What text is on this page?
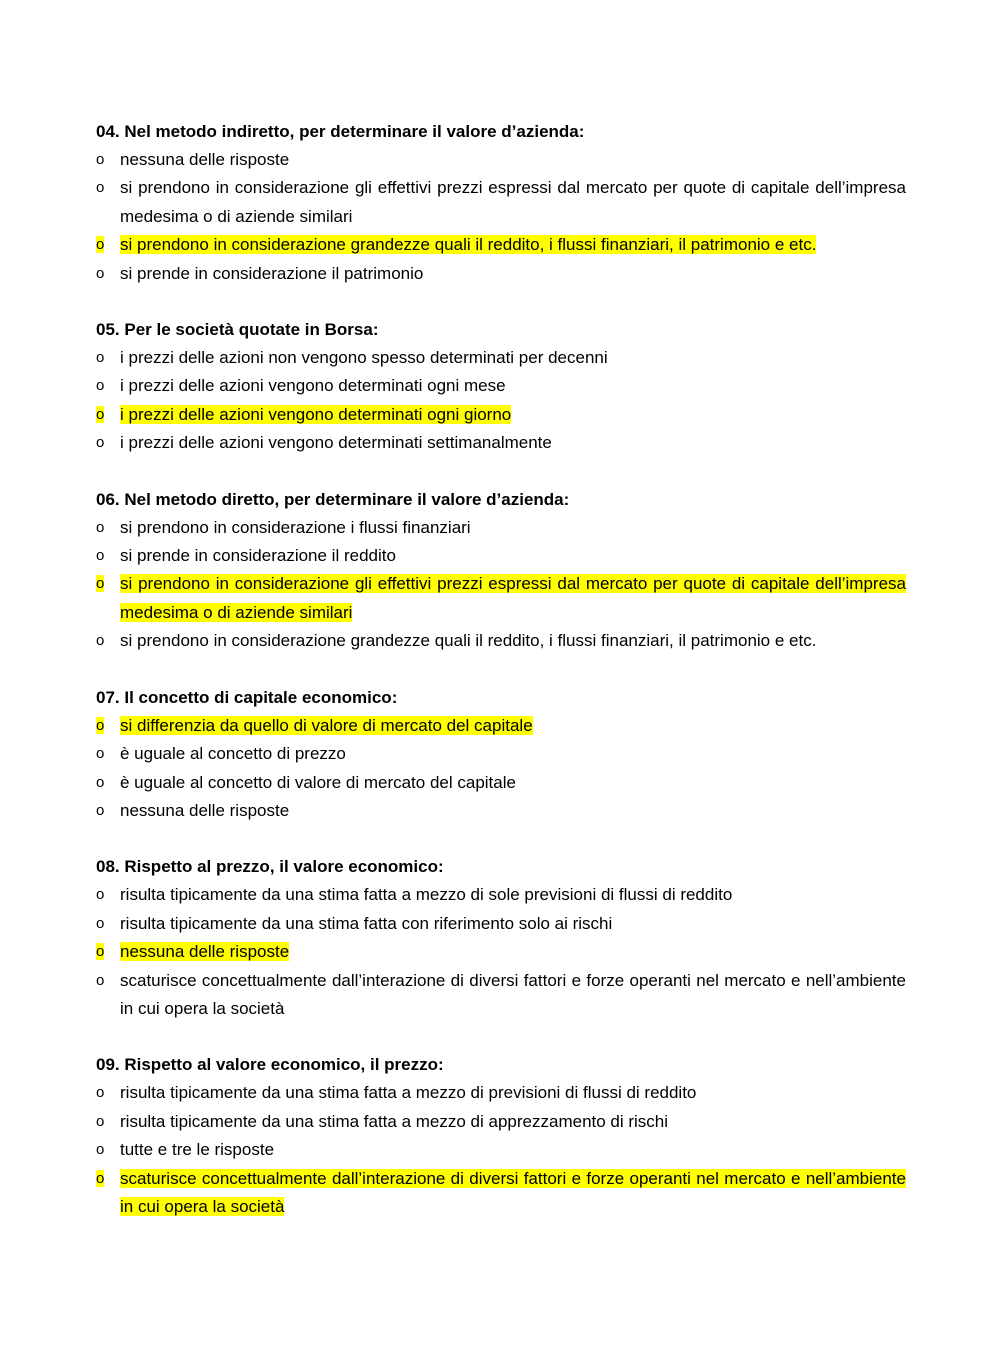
04. Nel metodo indiretto, per determinare il valore d’azienda:
o nessuna delle risposte
o si prendono in considerazione gli effettivi prezzi espressi dal mercato per quote di capitale dell’impresa medesima o di aziende similari
o si prendono in considerazione grandezze quali il reddito, i flussi finanziari, il patrimonio e etc.
o si prende in considerazione il patrimonio
05. Per le società quotate in Borsa:
o i prezzi delle azioni non vengono spesso determinati per decenni
o i prezzi delle azioni vengono determinati ogni mese
o i prezzi delle azioni vengono determinati ogni giorno
o i prezzi delle azioni vengono determinati settimanalmente
06. Nel metodo diretto, per determinare il valore d’azienda:
o si prendono in considerazione i flussi finanziari
o si prende in considerazione il reddito
o si prendono in considerazione gli effettivi prezzi espressi dal mercato per quote di capitale dell’impresa medesima o di aziende similari
o si prendono in considerazione grandezze quali il reddito, i flussi finanziari, il patrimonio e etc.
07. Il concetto di capitale economico:
o si differenzia da quello di valore di mercato del capitale
o è uguale al concetto di prezzo
o è uguale al concetto di valore di mercato del capitale
o nessuna delle risposte
08. Rispetto al prezzo, il valore economico:
o risulta tipicamente da una stima fatta a mezzo di sole previsioni di flussi di reddito
o risulta tipicamente da una stima fatta con riferimento solo ai rischi
o nessuna delle risposte
o scaturisce concettualmente dall’interazione di diversi fattori e forze operanti nel mercato e nell’ambiente in cui opera la società
09. Rispetto al valore economico, il prezzo:
o risulta tipicamente da una stima fatta a mezzo di previsioni di flussi di reddito
o risulta tipicamente da una stima fatta a mezzo di apprezzamento di rischi
o tutte e tre le risposte
o scaturisce concettualmente dall’interazione di diversi fattori e forze operanti nel mercato e nell’ambiente in cui opera la società
